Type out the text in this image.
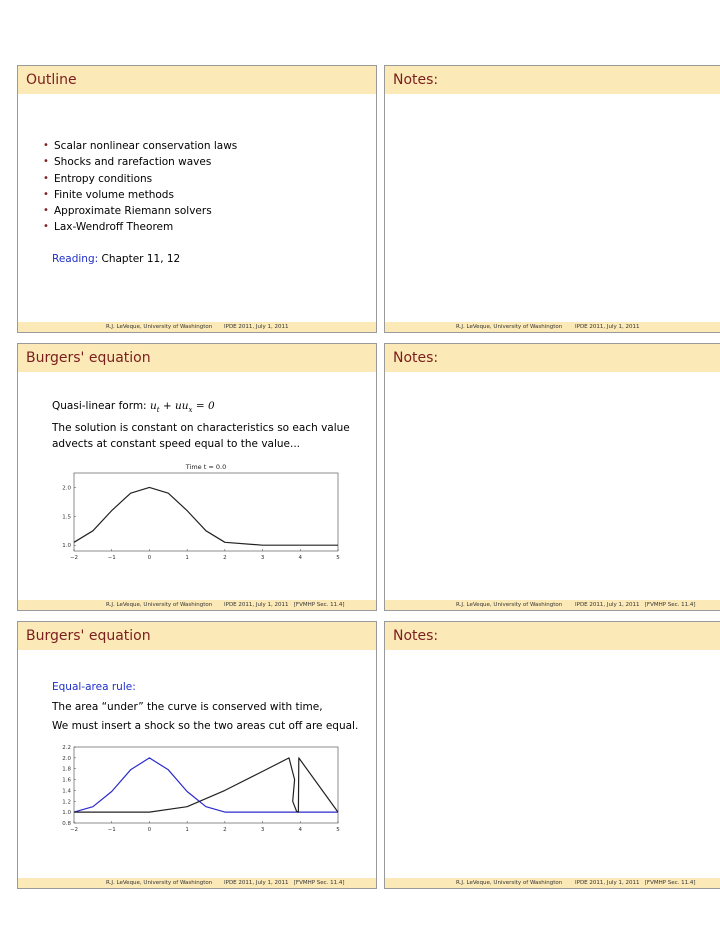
Outline
• Scalar nonlinear conservation laws
• Shocks and rarefaction waves
• Entropy conditions
• Finite volume methods
• Approximate Riemann solvers
• Lax-Wendroff Theorem
Reading: Chapter 11, 12
R.J. LeVeque, University of Washington IPDE 2011, July 1, 2011
Notes:
R.J. LeVeque, University of Washington IPDE 2011, July 1, 2011
Burgers' equation
Quasi-linear form: $u_t + uu_x = 0$
The solution is constant on characteristics so each value
advects at constant speed equal to the value...
Time t = 0.0
−2	−1	0	1	2	3	4	5
1.0
1.5
2.0
R.J. LeVeque, University of Washington IPDE 2011, July 1, 2011   [FVMHP Sec. 11.4]
Notes:
R.J. LeVeque, University of Washington IPDE 2011, July 1, 2011   [FVMHP Sec. 11.4]
Burgers' equation
Equal-area rule:
The area “under” the curve is conserved with time,
We must insert a shock so the two areas cut off are equal.
−2	−1	0	1	2	3	4	5
0.8
1.0
1.2
1.4
1.6
1.8
2.0
2.2
R.J. LeVeque, University of Washington IPDE 2011, July 1, 2011   [FVMHP Sec. 11.4]
Notes:
R.J. LeVeque, University of Washington IPDE 2011, July 1, 2011   [FVMHP Sec. 11.4]
